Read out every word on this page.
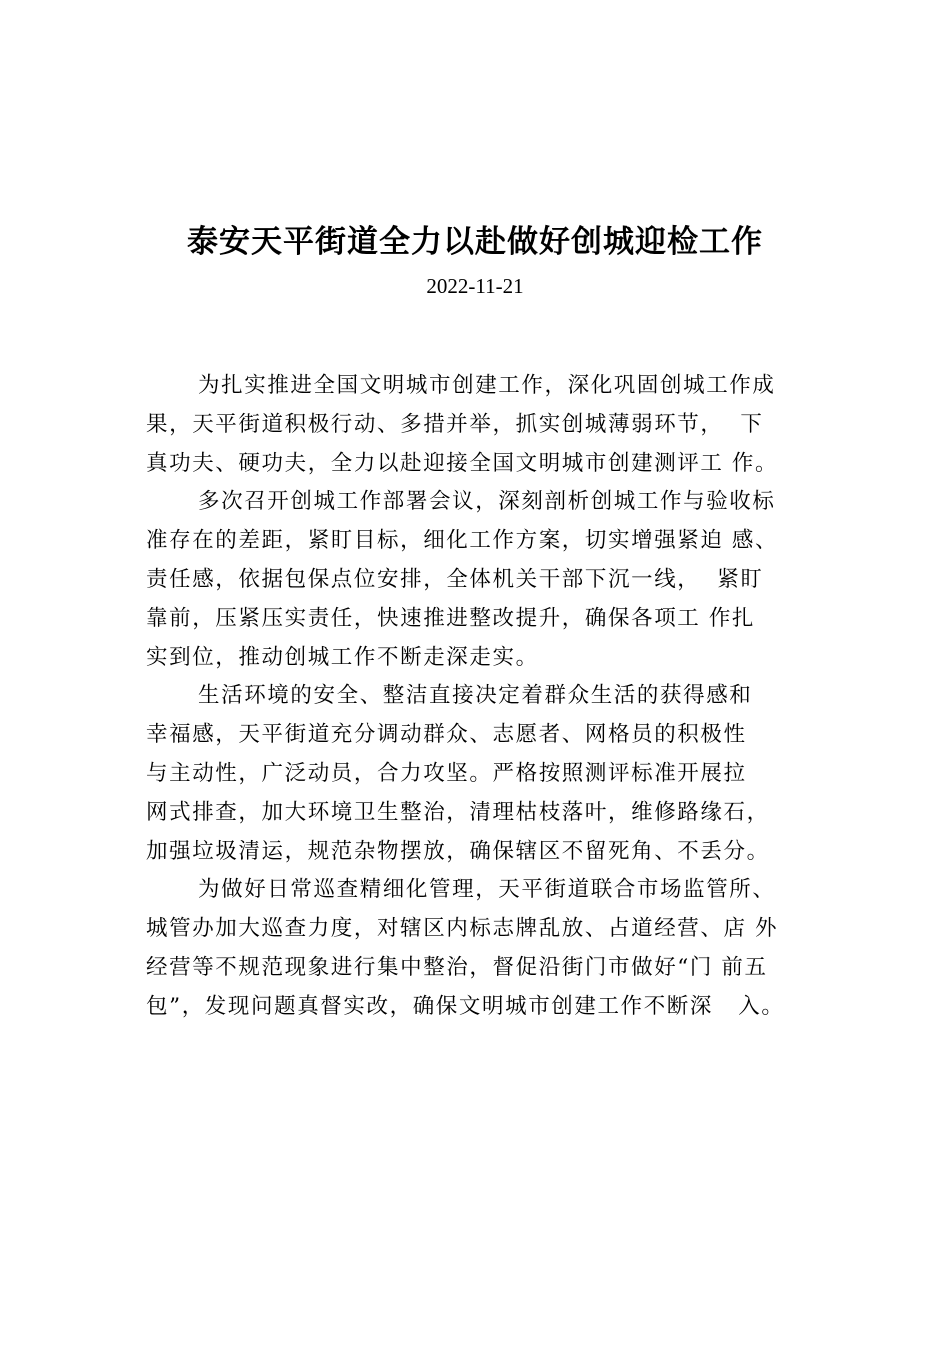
泰安天平街道全力以赴做好创城迎检工作
2022-11-21
为扎实推进全国文明城市创建工作，深化巩固创城工作成
果，天平街道积极行动、多措并举，抓实创城薄弱环节，  下
真功夫、硬功夫，全力以赴迎接全国文明城市创建测评工 作。
多次召开创城工作部署会议，深刻剖析创城工作与验收标
准存在的差距，紧盯目标，细化工作方案，切实增强紧迫 感、
责任感，依据包保点位安排，全体机关干部下沉一线，  紧盯
靠前，压紧压实责任，快速推进整改提升，确保各项工 作扎
实到位，推动创城工作不断走深走实。
生活环境的安全、整洁直接决定着群众生活的获得感和
幸福感，天平街道充分调动群众、志愿者、网格员的积极性
与主动性，广泛动员，合力攻坚。严格按照测评标准开展拉
网式排查，加大环境卫生整治，清理枯枝落叶，维修路缘石，
加强垃圾清运，规范杂物摆放，确保辖区不留死角、不丢分。
为做好日常巡查精细化管理，天平街道联合市场监管所、
城管办加大巡查力度，对辖区内标志牌乱放、占道经营、店 外
经营等不规范现象进行集中整治，督促沿街门市做好“门 前五
包”，发现问题真督实改，确保文明城市创建工作不断深   入。
